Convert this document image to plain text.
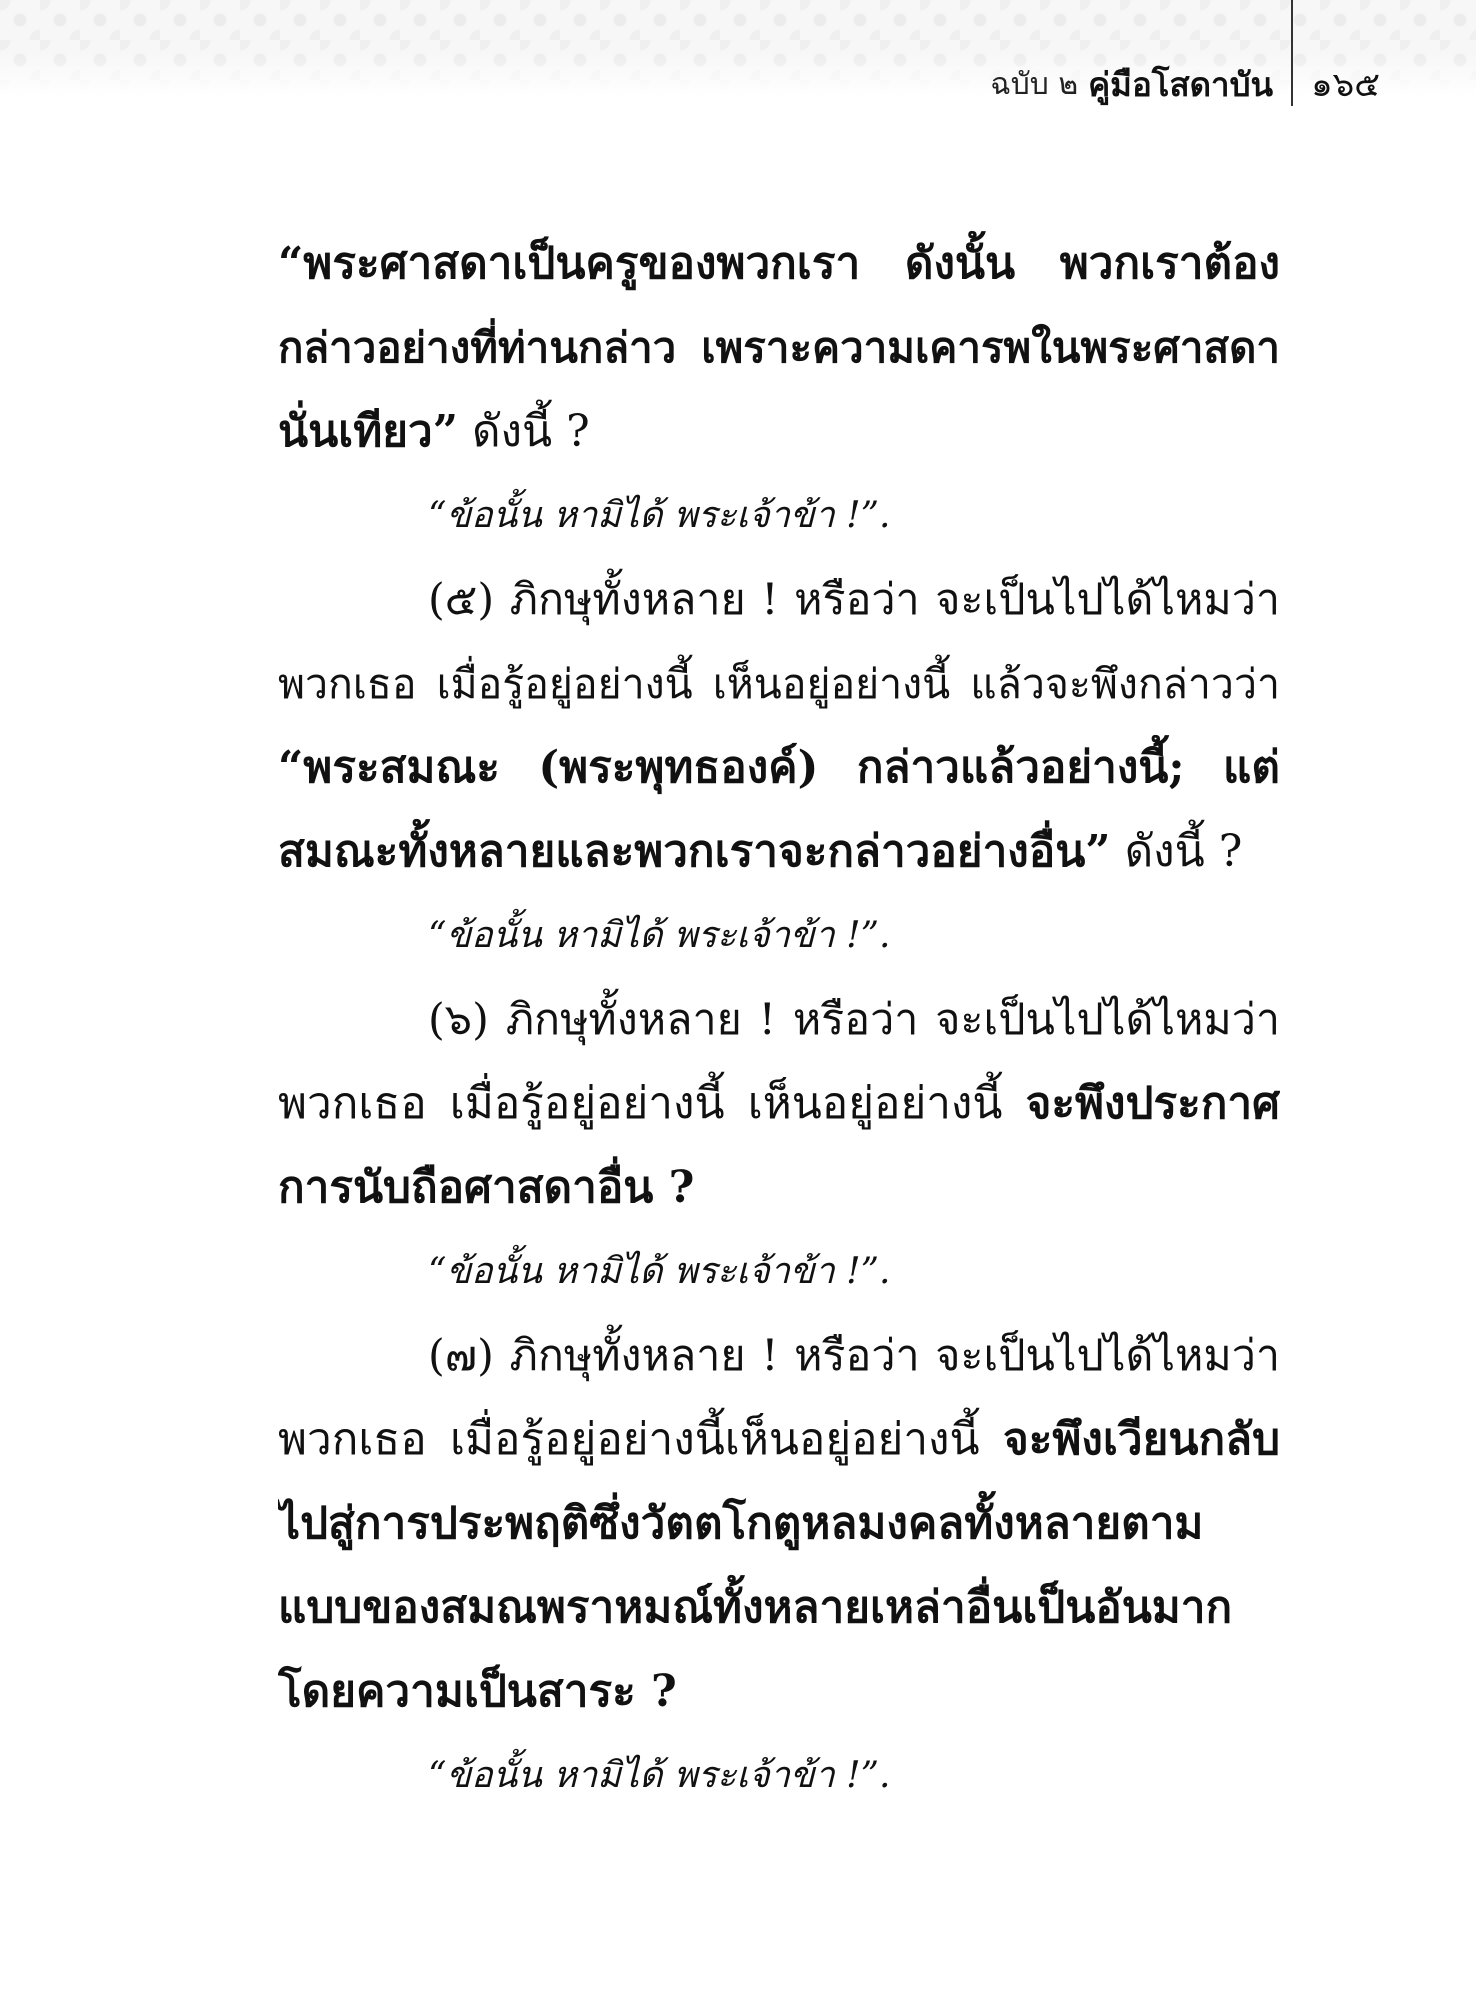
ฉบับ ๒ คู่มือโสดาบัน ๑๖๕
“พระศาสดาเป็นครูของพวกเรา ดังนั้น พวกเราต้อง
กล่าวอย่างที่ท่านกล่าว เพราะความเคารพในพระศาสดา
นั่นเทียว” ดังนี้ ?
“ข้อนั้น หามิได้ พระเจ้าข้า !”.
(๕) ภิกษุทั้งหลาย ! หรือว่า จะเป็นไปได้ไหมว่า
พวกเธอ เมื่อรู้อยู่อย่างนี้ เห็นอยู่อย่างนี้ แล้วจะพึงกล่าวว่า
“พระสมณะ (พระพุทธองค์) กล่าวแล้วอย่างนี้; แต่
สมณะทั้งหลายและพวกเราจะกล่าวอย่างอื่น” ดังนี้ ?
“ข้อนั้น หามิได้ พระเจ้าข้า !”.
(๖) ภิกษุทั้งหลาย ! หรือว่า จะเป็นไปได้ไหมว่า
พวกเธอ เมื่อรู้อยู่อย่างนี้ เห็นอยู่อย่างนี้ จะพึงประกาศ
การนับถือศาสดาอื่น ?
“ข้อนั้น หามิได้ พระเจ้าข้า !”.
(๗) ภิกษุทั้งหลาย ! หรือว่า จะเป็นไปได้ไหมว่า
พวกเธอ เมื่อรู้อยู่อย่างนี้เห็นอยู่อย่างนี้ จะพึงเวียนกลับ
ไปสู่การประพฤติซึ่งวัตตโกตูหลมงคลทั้งหลายตาม
แบบของสมณพราหมณ์ทั้งหลายเหล่าอื่นเป็นอันมาก
โดยความเป็นสาระ ?
“ข้อนั้น หามิได้ พระเจ้าข้า !”.
